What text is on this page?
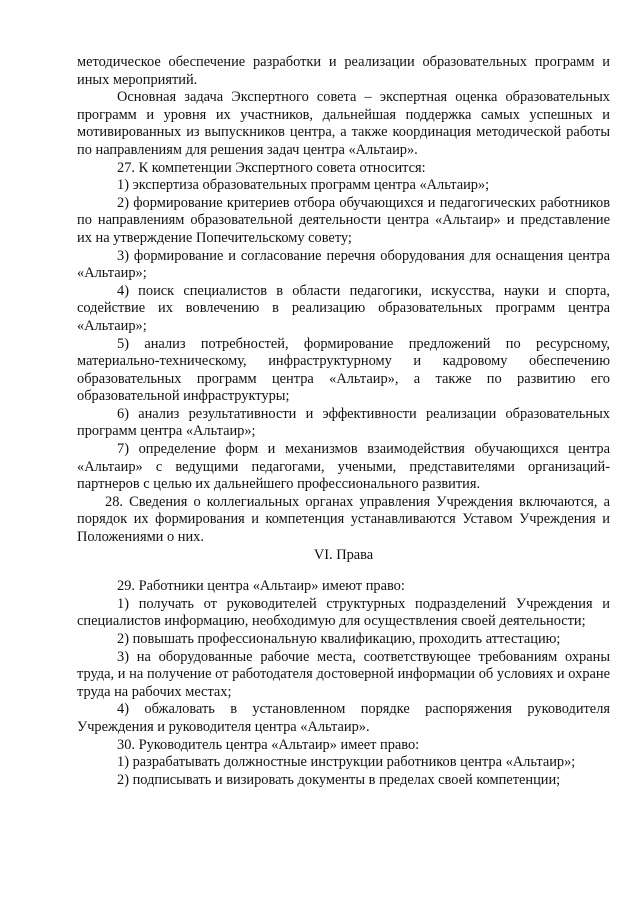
методическое обеспечение разработки и реализации образовательных программ и иных мероприятий.

Основная задача Экспертного совета – экспертная оценка образовательных программ и уровня их участников, дальнейшая поддержка самых успешных и мотивированных из выпускников центра, а также координация методической работы по направлениям для решения задач центра «Альтаир».

27. К компетенции Экспертного совета относится:

1) экспертиза образовательных программ центра «Альтаир»;

2) формирование критериев отбора обучающихся и педагогических работников по направлениям образовательной деятельности центра «Альтаир» и представление их на утверждение Попечительскому совету;

3) формирование и согласование перечня оборудования для оснащения центра «Альтаир»;

4) поиск специалистов в области педагогики, искусства, науки и спорта, содействие их вовлечению в реализацию образовательных программ центра «Альтаир»;

5) анализ потребностей, формирование предложений по ресурсному, материально-техническому, инфраструктурному и кадровому обеспечению образовательных программ центра «Альтаир», а также по развитию его образовательной инфраструктуры;

6) анализ результативности и эффективности реализации образовательных программ центра «Альтаир»;

7) определение форм и механизмов взаимодействия обучающихся центра «Альтаир» с ведущими педагогами, учеными, представителями организаций-партнеров с целью их дальнейшего профессионального развития.

28. Сведения о коллегиальных органах управления Учреждения включаются, а порядок их формирования и компетенция устанавливаются Уставом Учреждения и Положениями о них.

VI. Права

29. Работники центра «Альтаир» имеют право:

1) получать от руководителей структурных подразделений Учреждения и специалистов информацию, необходимую для осуществления своей деятельности;

2) повышать профессиональную квалификацию, проходить аттестацию;

3) на оборудованные рабочие места, соответствующее требованиям охраны труда, и на получение от работодателя достоверной информации об условиях и охране труда на рабочих местах;

4) обжаловать в установленном порядке распоряжения руководителя Учреждения и руководителя центра «Альтаир».

30. Руководитель центра «Альтаир» имеет право:

1) разрабатывать должностные инструкции работников центра «Альтаир»;

2) подписывать и визировать документы в пределах своей компетенции;
